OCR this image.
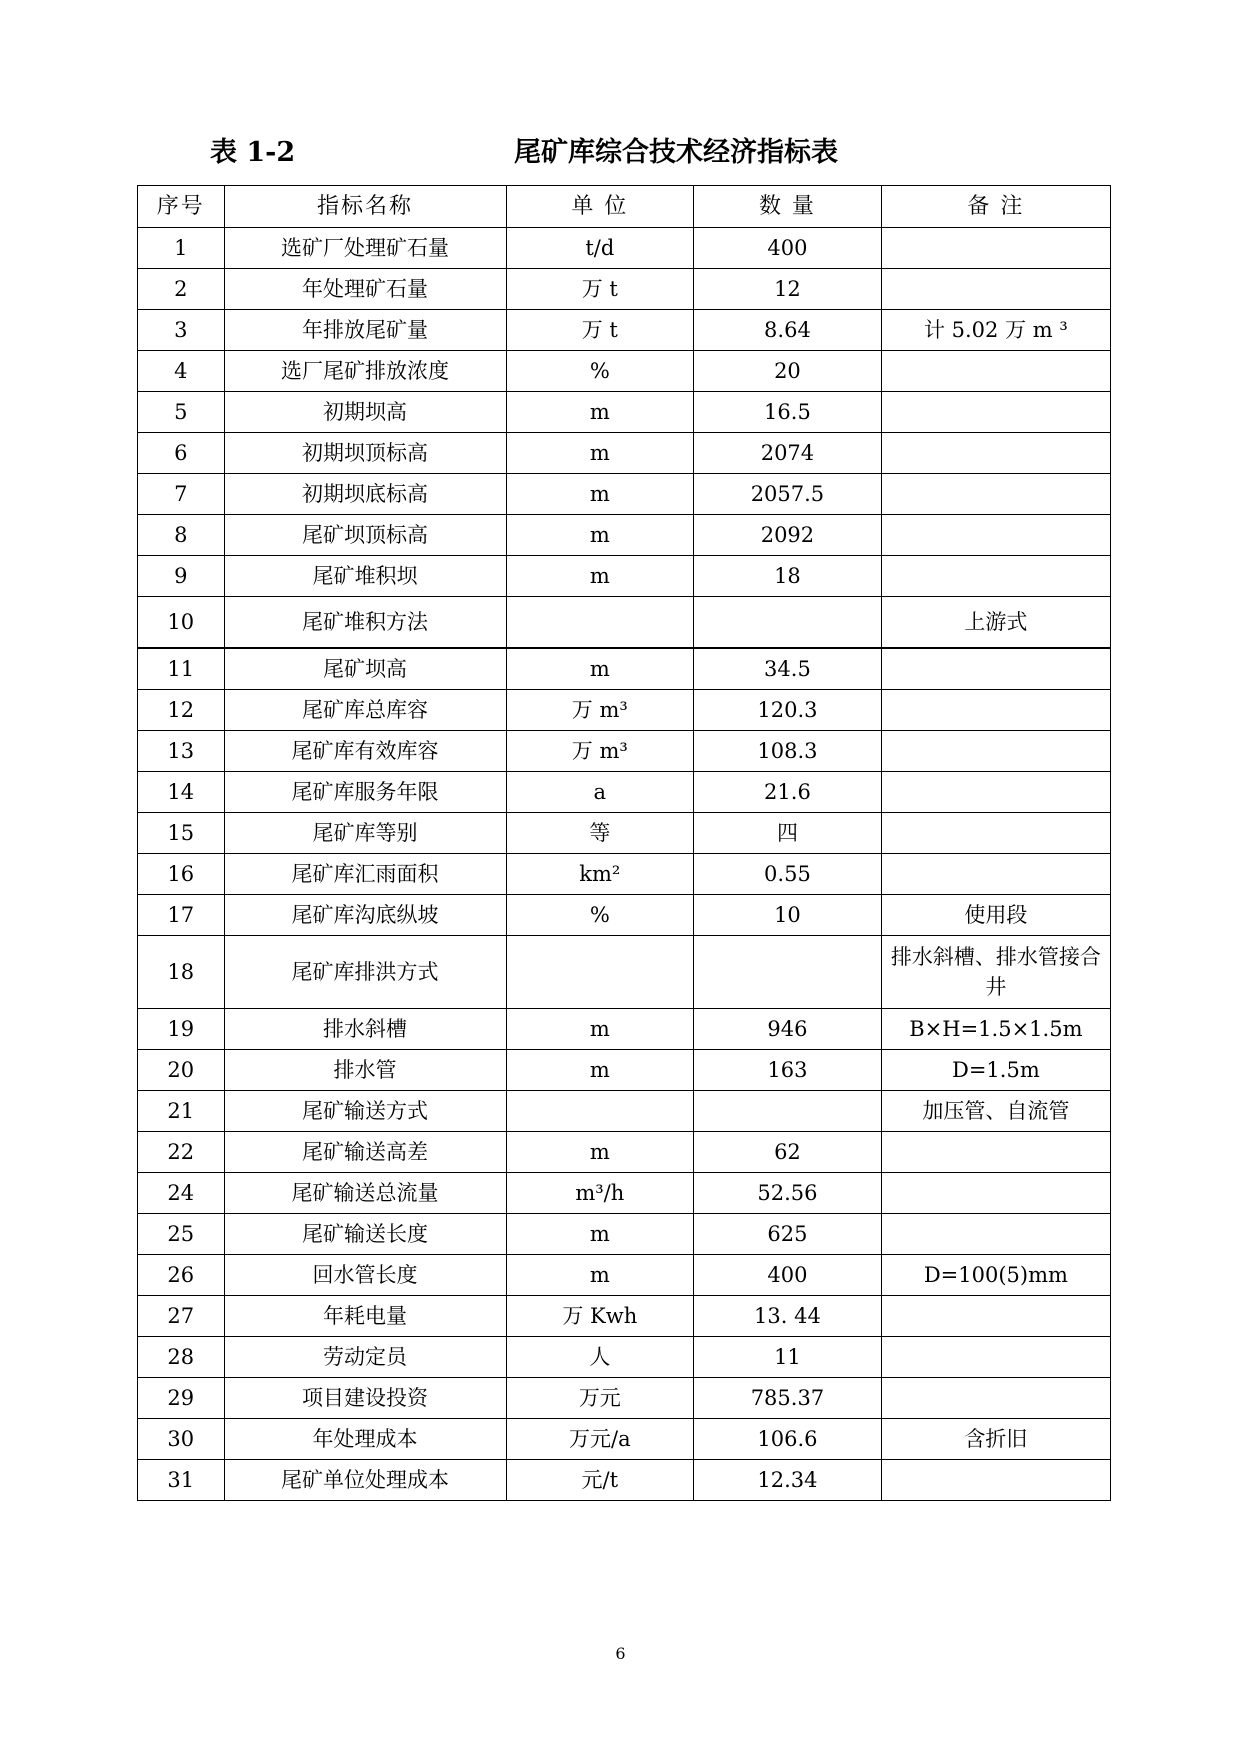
表 1-2	尾矿库综合技术经济指标表
序号	指标名称	单 位	数 量	备 注
1	选矿厂处理矿石量	t/d	400	
2	年处理矿石量	万 t	12	
3	年排放尾矿量	万 t	8.64	计 5.02 万 m ³
4	选厂尾矿排放浓度	%	20	
5	初期坝高	m	16.5	
6	初期坝顶标高	m	2074	
7	初期坝底标高	m	2057.5	
8	尾矿坝顶标高	m	2092	
9	尾矿堆积坝	m	18	
10	尾矿堆积方法			上游式
11	尾矿坝高	m	34.5	
12	尾矿库总库容	万 m³	120.3	
13	尾矿库有效库容	万 m³	108.3	
14	尾矿库服务年限	a	21.6	
15	尾矿库等别	等	四	
16	尾矿库汇雨面积	km²	0.55	
17	尾矿库沟底纵坡	%	10	使用段
18	尾矿库排洪方式			排水斜槽、排水管接合井
19	排水斜槽	m	946	B×H=1.5×1.5m
20	排水管	m	163	D=1.5m
21	尾矿输送方式			加压管、自流管
22	尾矿输送高差	m	62	
24	尾矿输送总流量	m³/h	52.56	
25	尾矿输送长度	m	625	
26	回水管长度	m	400	D=100(5)mm
27	年耗电量	万 Kwh	13. 44	
28	劳动定员	人	11	
29	项目建设投资	万元	785.37	
30	年处理成本	万元/a	106.6	含折旧
31	尾矿单位处理成本	元/t	12.34	
6
